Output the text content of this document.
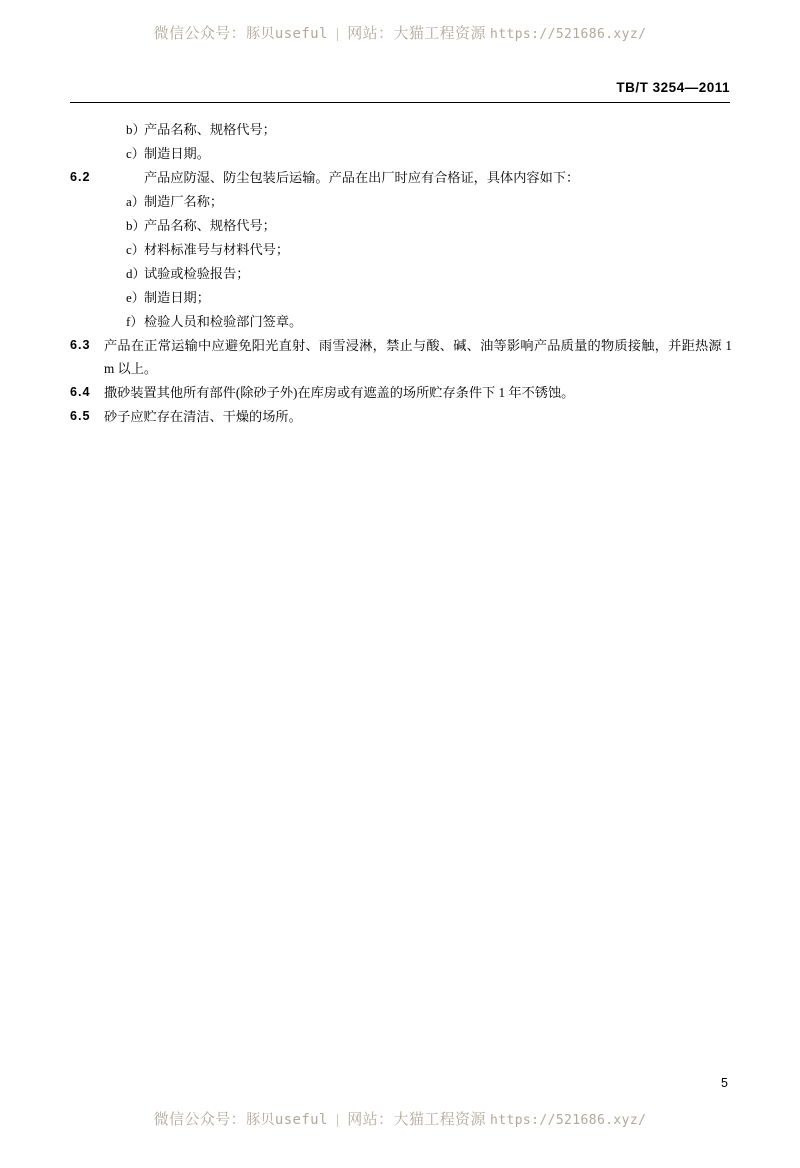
微信公众号：豚贝useful | 网站：大猫工程资源 https://521686.xyz/
TB/T 3254—2011
b）
产品名称、规格代号；
c） 制造日期。
6.2	产品应防湿、防尘包装后运输。产品在出厂时应有合格证，具体内容如下：
a） 制造厂名称；
b）
产品名称、规格代号；
c） 材料标准号与材料代号；
d）
试验或检验报告；
e） 制造日期；
f） 检验人员和检验部门签章。
6.3	产品在正常运输中应避免阳光直射、雨雪浸淋，禁止与酸、碱、油等影响产品质量的物质接触，并距热源 1 m 以上。
6.4	撒砂装置其他所有部件(除砂子外)在库房或有遮盖的场所贮存条件下 1 年不锈蚀。
6.5	砂子应贮存在清洁、干燥的场所。
5
微信公众号：豚贝useful | 网站：大猫工程资源 https://521686.xyz/
